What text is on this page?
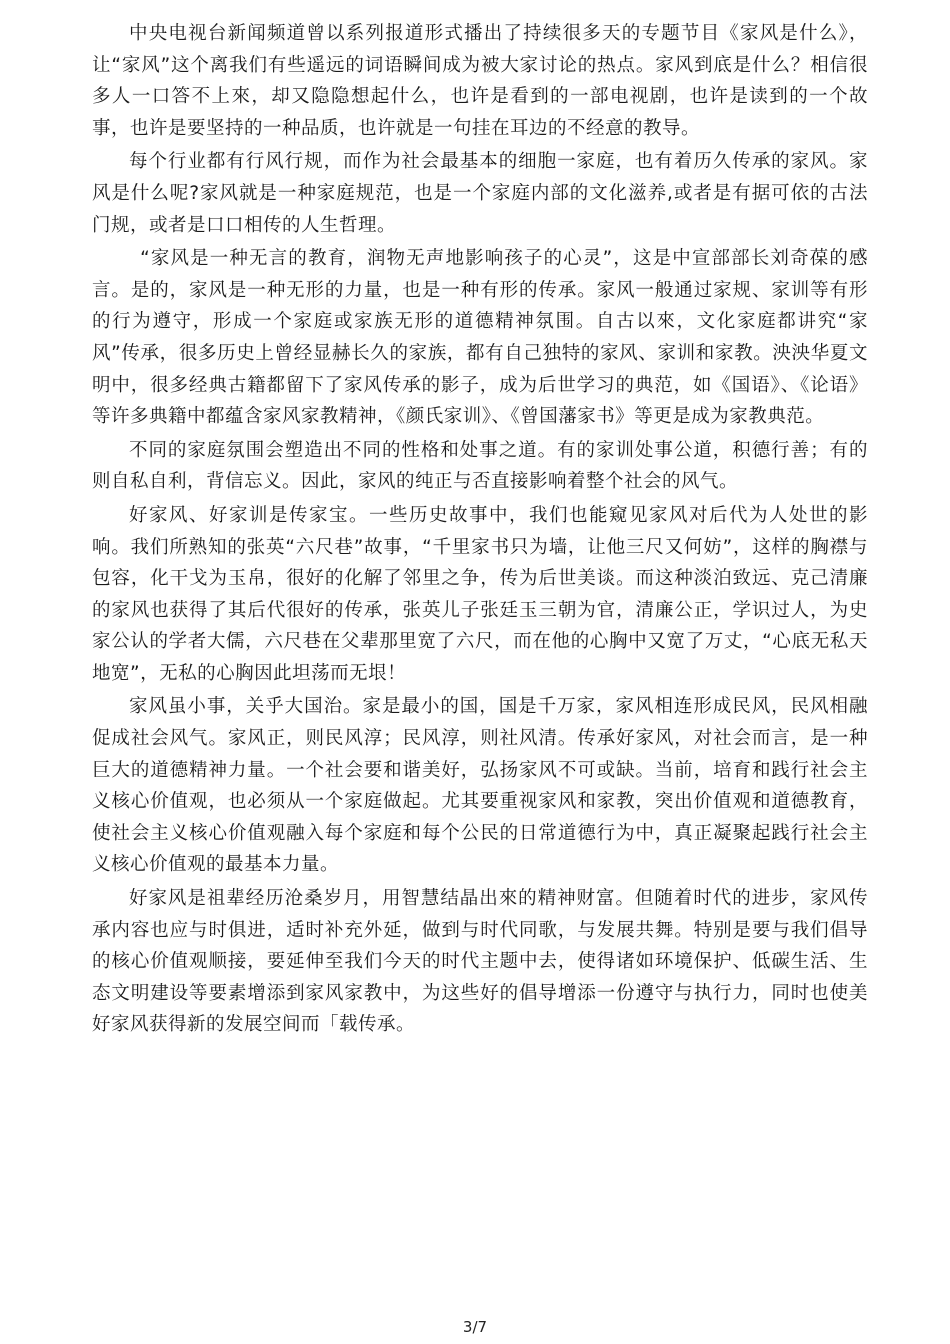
中央电视台新闻频道曾以系列报道形式播出了持续很多天的专题节目《家风是什么》，让“家风”这个离我们有些遥远的词语瞬间成为被大家讨论的热点。家风到底是什么？相信很多人一口答不上來，却又隐隐想起什么，也许是看到的一部电视剧，也许是读到的一个故事，也许是要坚持的一种品质，也许就是一句挂在耳边的不经意的教导。

每个行业都有行风行规，而作为社会最基本的细胞一家庭，也有着历久传承的家风。家风是什么呢?家风就是一种家庭规范，也是一个家庭内部的文化滋养,或者是有据可依的古法门规，或者是口口相传的人生哲理。

“家风是一种无言的教育，润物无声地影响孩子的心灵”，这是中宣部部长刘奇葆的感言。是的，家风是一种无形的力量，也是一种有形的传承。家风一般通过家规、家训等有形的行为遵守，形成一个家庭或家族无形的道德精神氛围。自古以來，文化家庭都讲究“家风”传承，很多历史上曾经显赫长久的家族，都有自己独特的家风、家训和家教。泱泱华夏文明中，很多经典古籍都留下了家风传承的影子，成为后世学习的典范，如《国语》、《论语》等许多典籍中都蕴含家风家教精神，《颜氏家训》、《曾国藩家书》等更是成为家教典范。

不同的家庭氛围会塑造出不同的性格和处事之道。有的家训处事公道，积德行善；有的则自私自利，背信忘义。因此，家风的纯正与否直接影响着整个社会的风气。

好家风、好家训是传家宝。一些历史故事中，我们也能窥见家风对后代为人处世的影响。我们所熟知的张英“六尺巷”故事，“千里家书只为墙，让他三尺又何妨”，这样的胸襟与包容，化干戈为玉帛，很好的化解了邻里之争，传为后世美谈。而这种淡泊致远、克己清廉的家风也获得了其后代很好的传承，张英儿子张廷玉三朝为官，清廉公正，学识过人，为史家公认的学者大儒，六尺巷在父辈那里宽了六尺，而在他的心胸中又宽了万丈，“心底无私天地宽”，无私的心胸因此坦荡而无垠！

家风虽小事，关乎大国治。家是最小的国，国是千万家，家风相连形成民风，民风相融促成社会风气。家风正，则民风淳；民风淳，则社风清。传承好家风，对社会而言，是一种巨大的道德精神力量。一个社会要和谐美好，弘扬家风不可或缺。当前，培育和践行社会主义核心价值观，也必须从一个家庭做起。尤其要重视家风和家教，突出价值观和道德教育，使社会主义核心价值观融入每个家庭和每个公民的日常道德行为中，真正凝聚起践行社会主义核心价值观的最基本力量。

好家风是祖辈经历沧桑岁月，用智慧结晶出來的精神财富。但随着时代的进步，家风传承内容也应与时俱进，适时补充外延，做到与时代同歌，与发展共舞。特别是要与我们倡导的核心价值观顺接，要延伸至我们今天的时代主题中去，使得诸如环境保护、低碳生活、生态文明建设等要素增添到家风家教中，为这些好的倡导增添一份遵守与执行力，同时也使美好家风获得新的发展空间而「载传承。

3/7
